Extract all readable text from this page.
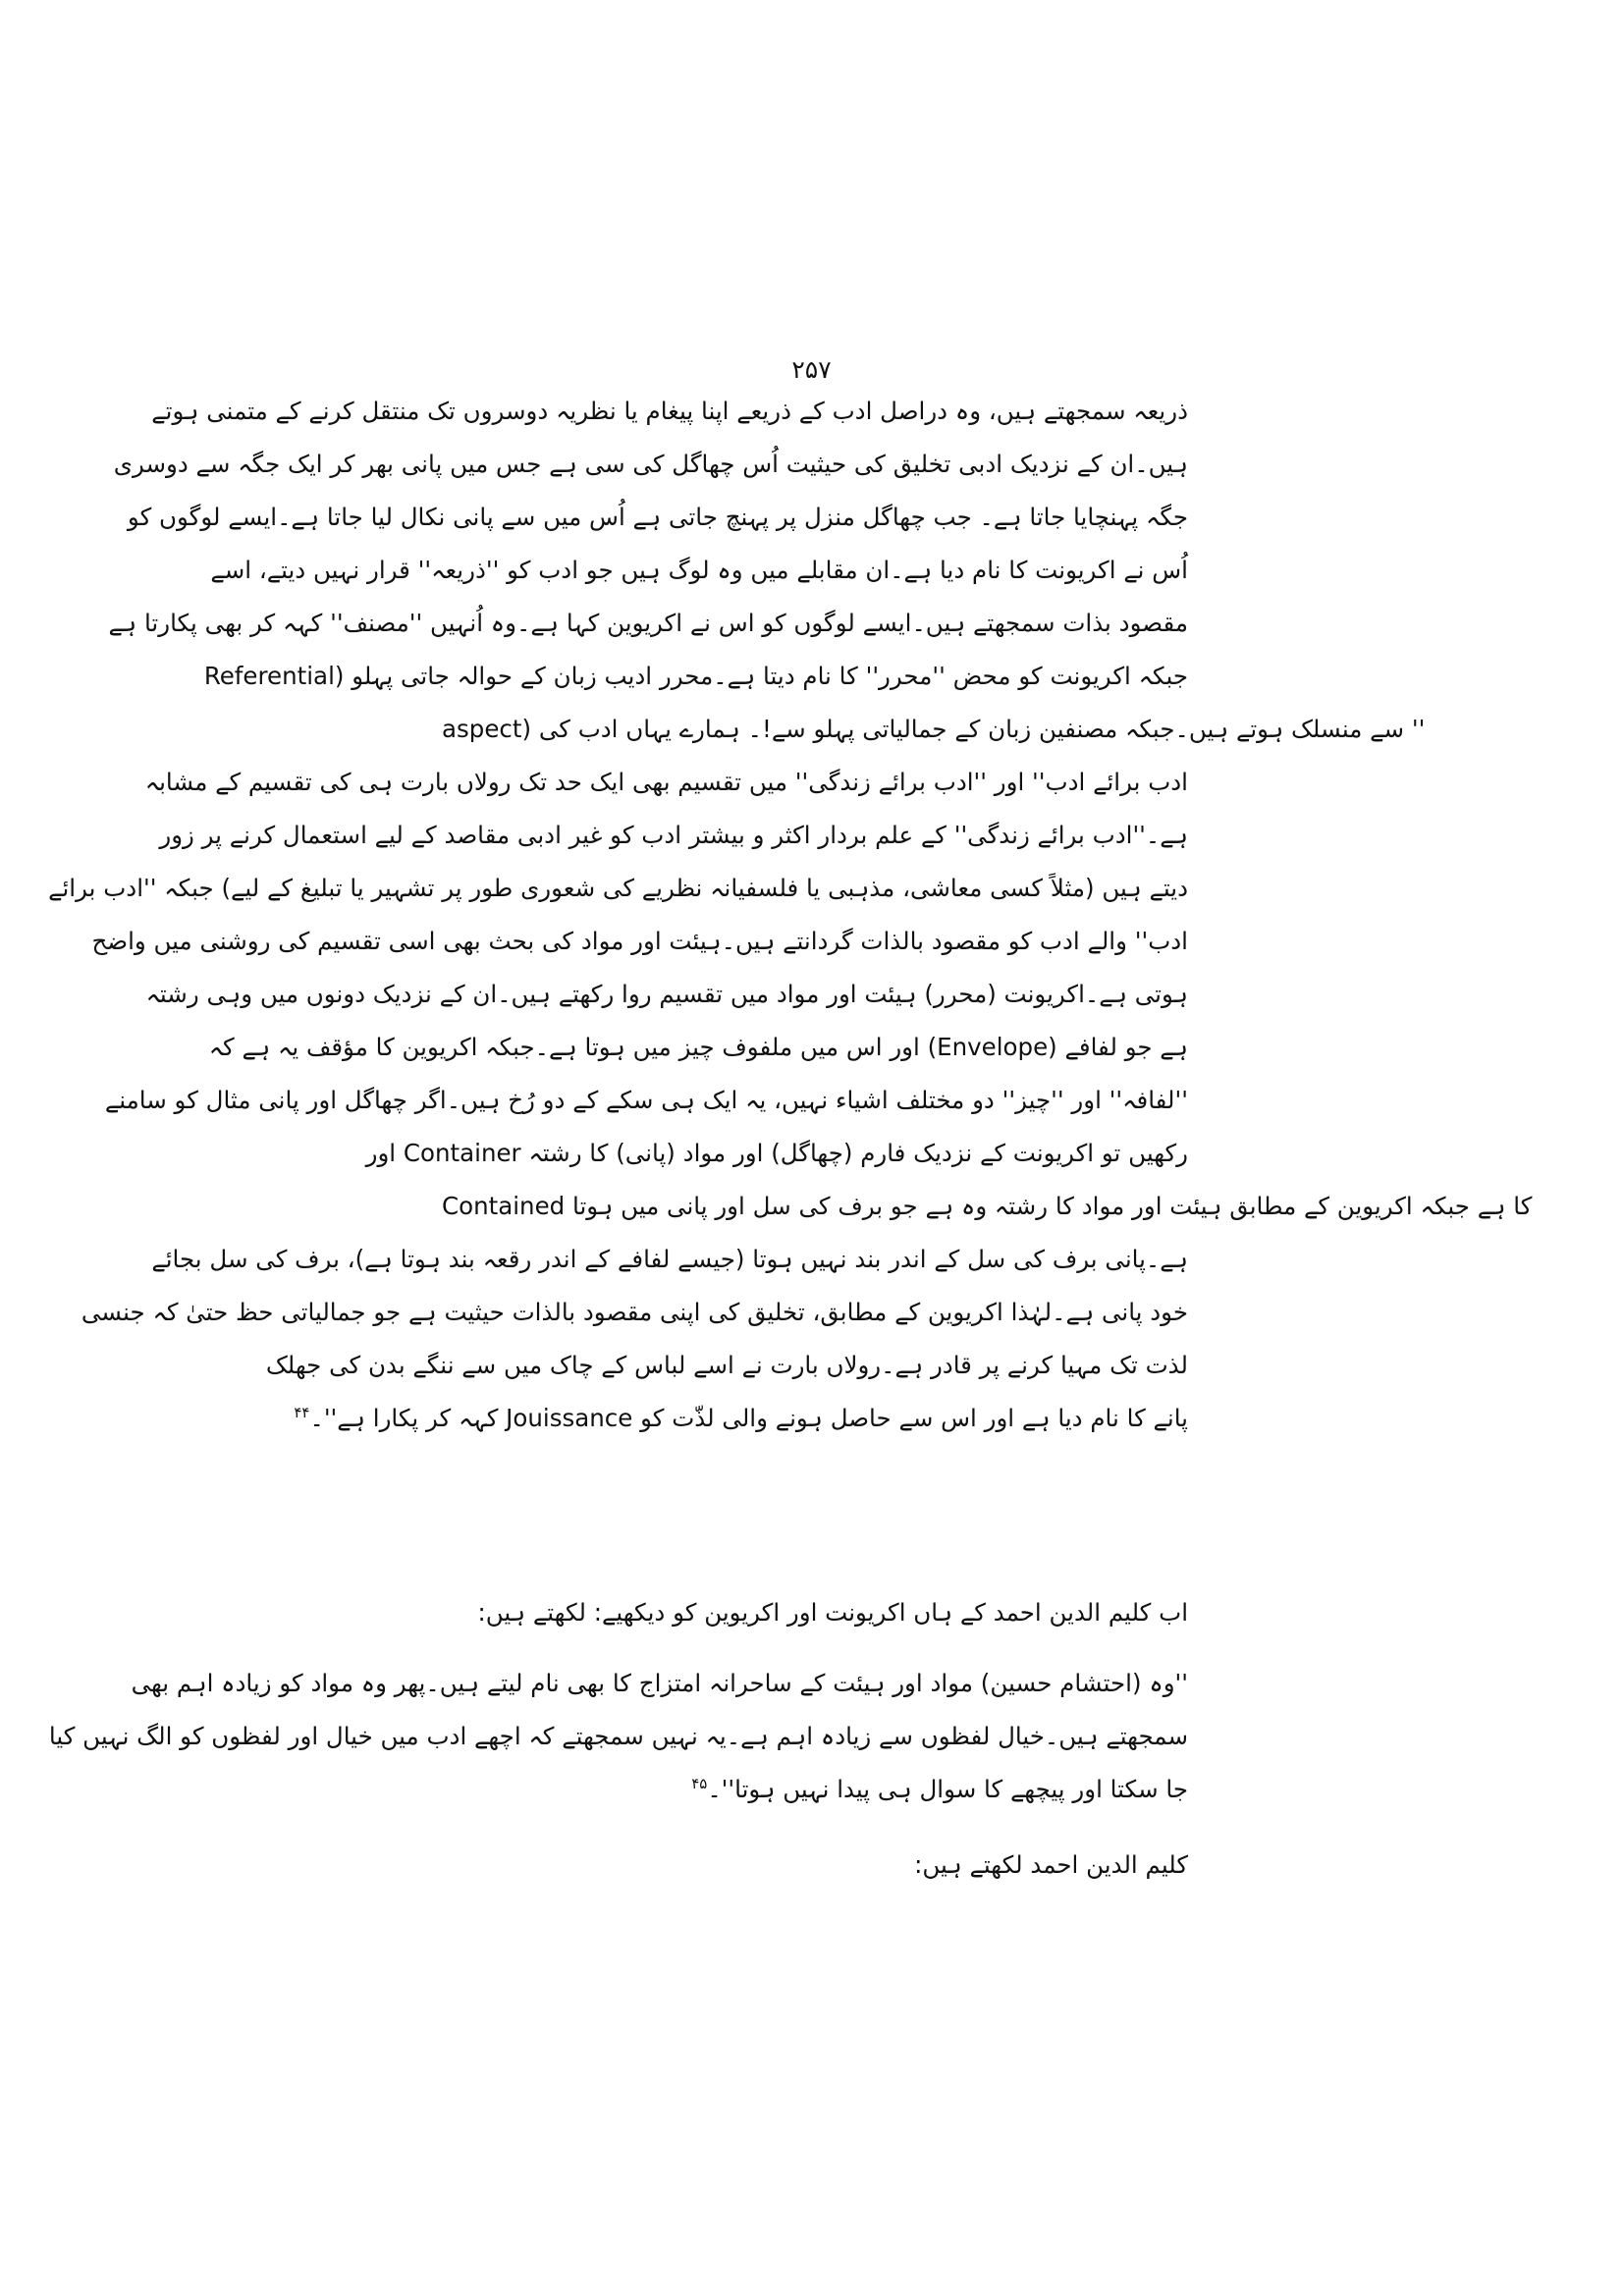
۲۵۷
ذریعہ سمجھتے ہیں، وہ دراصل ادب کے ذریعے اپنا پیغام یا نظریہ دوسروں تک منتقل کرنے کے متمنی ہوتے
ہیں۔ان کے نزدیک ادبی تخلیق کی حیثیت اُس چھاگل کی سی ہے جس میں پانی بھر کر ایک جگہ سے دوسری
جگہ پہنچایا جاتا ہے۔ جب چھاگل منزل پر پہنچ جاتی ہے اُس میں سے پانی نکال لیا جاتا ہے۔ایسے لوگوں کو
اُس نے اکریونت کا نام دیا ہے۔ان مقابلے میں وہ لوگ ہیں جو ادب کو ''ذریعہ'' قرار نہیں دیتے، اسے
مقصود بذات سمجھتے ہیں۔ایسے لوگوں کو اس نے اکریوین کہا ہے۔وہ اُنہیں ''مصنف'' کہہ کر بھی پکارتا ہے
جبکہ اکریونت کو محض ''محرر'' کا نام دیتا ہے۔محرر ادیب زبان کے حوالہ جاتی پہلو (Referential
aspect) سے منسلک ہوتے ہیں۔جبکہ مصنفین زبان کے جمالیاتی پہلو سے!۔ ہمارے یہاں ادب کی ''
ادب برائے ادب'' اور ''ادب برائے زندگی'' میں تقسیم بھی ایک حد تک رولاں بارت ہی کی تقسیم کے مشابہ
ہے۔''ادب برائے زندگی'' کے علم بردار اکثر و بیشتر ادب کو غیر ادبی مقاصد کے لیے استعمال کرنے پر زور
دیتے ہیں (مثلاً کسی معاشی، مذہبی یا فلسفیانہ نظریے کی شعوری طور پر تشہیر یا تبلیغ کے لیے) جبکہ ''ادب برائے
ادب'' والے ادب کو مقصود بالذات گردانتے ہیں۔ہیئت اور مواد کی بحث بھی اسی تقسیم کی روشنی میں واضح
ہوتی ہے۔اکریونت (محرر) ہیئت اور مواد میں تقسیم روا رکھتے ہیں۔ان کے نزدیک دونوں میں وہی رشتہ
ہے جو لفافے (Envelope) اور اس میں ملفوف چیز میں ہوتا ہے۔جبکہ اکریوین کا مؤقف یہ ہے کہ
''لفافہ'' اور ''چیز'' دو مختلف اشیاء نہیں، یہ ایک ہی سکے کے دو رُخ ہیں۔اگر چھاگل اور پانی مثال کو سامنے
رکھیں تو اکریونت کے نزدیک فارم (چھاگل) اور مواد (پانی) کا رشتہ Container اور
Contained کا ہے جبکہ اکریوین کے مطابق ہیئت اور مواد کا رشتہ وہ ہے جو برف کی سل اور پانی میں ہوتا
ہے۔پانی برف کی سل کے اندر بند نہیں ہوتا (جیسے لفافے کے اندر رقعہ بند ہوتا ہے)، برف کی سل بجائے
خود پانی ہے۔لہٰذا اکریوین کے مطابق، تخلیق کی اپنی مقصود بالذات حیثیت ہے جو جمالیاتی حظ حتیٰ کہ جنسی
لذت تک مہیا کرنے پر قادر ہے۔رولاں بارت نے اسے لباس کے چاک میں سے ننگے بدن کی جھلک
پانے کا نام دیا ہے اور اس سے حاصل ہونے والی لذّت کو Jouissance کہہ کر پکارا ہے''۔$^{۴۴}$
اب کلیم الدین احمد کے ہاں اکریونت اور اکریوین کو دیکھیے: لکھتے ہیں:
''وہ (احتشام حسین) مواد اور ہیئت کے ساحرانہ امتزاج کا بھی نام لیتے ہیں۔پھر وہ مواد کو زیادہ اہم بھی
سمجھتے ہیں۔خیال لفظوں سے زیادہ اہم ہے۔یہ نہیں سمجھتے کہ اچھے ادب میں خیال اور لفظوں کو الگ نہیں کیا
جا سکتا اور پیچھے کا سوال ہی پیدا نہیں ہوتا''۔$^{۴۵}$
کلیم الدین احمد لکھتے ہیں:
